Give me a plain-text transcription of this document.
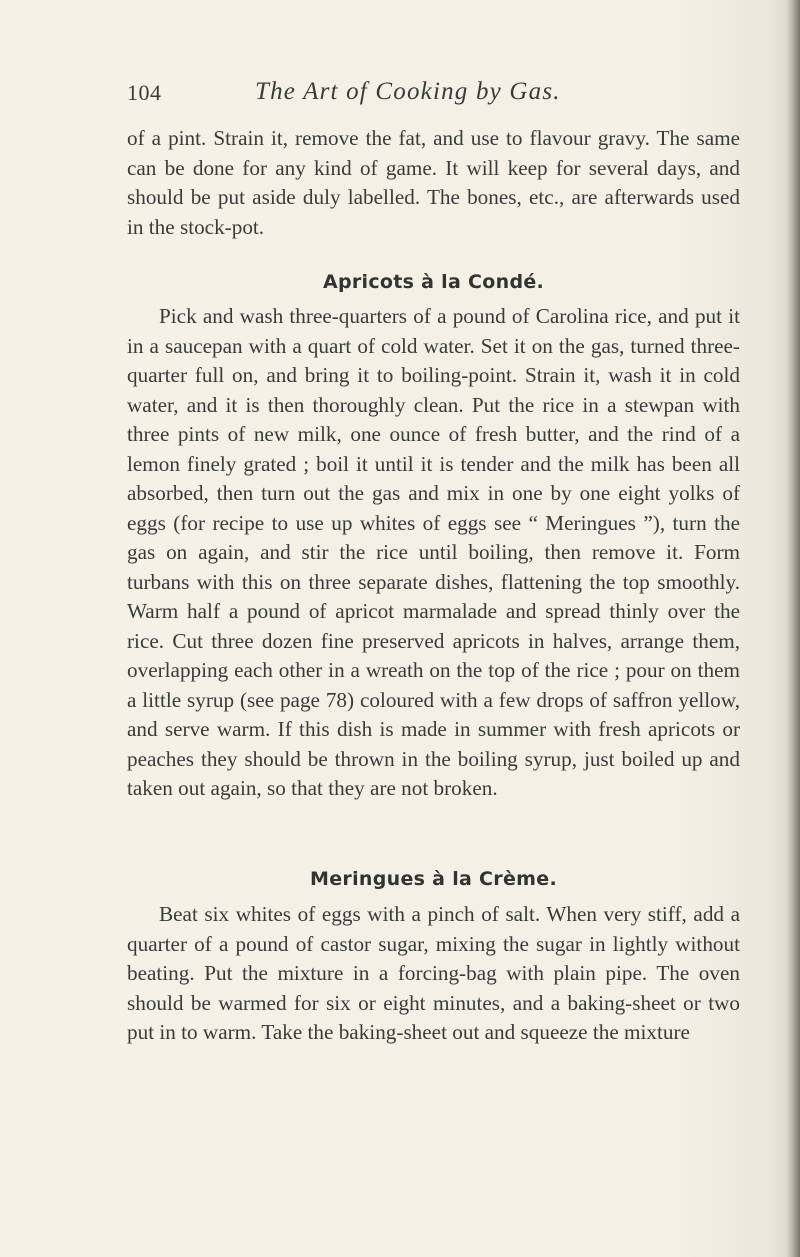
104	The Art of Cooking by Gas.

of a pint. Strain it, remove the fat, and use to flavour gravy. The same can be done for any kind of game. It will keep for several days, and should be put aside duly labelled. The bones, etc., are afterwards used in the stock-pot.

Apricots à la Condé.

Pick and wash three-quarters of a pound of Carolina rice, and put it in a saucepan with a quart of cold water. Set it on the gas, turned three-quarter full on, and bring it to boiling-point. Strain it, wash it in cold water, and it is then thoroughly clean. Put the rice in a stewpan with three pints of new milk, one ounce of fresh butter, and the rind of a lemon finely grated ; boil it until it is tender and the milk has been all absorbed, then turn out the gas and mix in one by one eight yolks of eggs (for recipe to use up whites of eggs see “ Meringues ”), turn the gas on again, and stir the rice until boiling, then remove it. Form turbans with this on three separate dishes, flattening the top smoothly. Warm half a pound of apricot marmalade and spread thinly over the rice. Cut three dozen fine preserved apricots in halves, arrange them, overlapping each other in a wreath on the top of the rice ; pour on them a little syrup (see page 78) coloured with a few drops of saffron yellow, and serve warm. If this dish is made in summer with fresh apricots or peaches they should be thrown in the boiling syrup, just boiled up and taken out again, so that they are not broken.

Meringues à la Crème.

Beat six whites of eggs with a pinch of salt. When very stiff, add a quarter of a pound of castor sugar, mixing the sugar in lightly without beating. Put the mixture in a forcing-bag with plain pipe. The oven should be warmed for six or eight minutes, and a baking-sheet or two put in to warm. Take the baking-sheet out and squeeze the mixture
